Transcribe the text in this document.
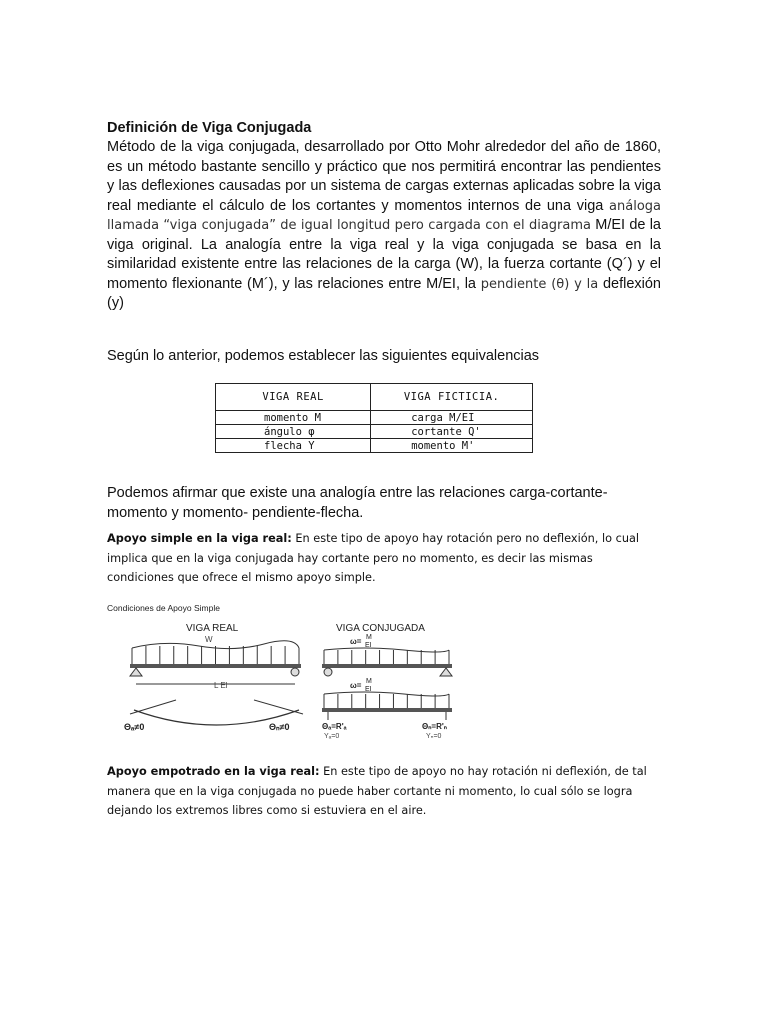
Definición de Viga Conjugada
Método de la viga conjugada, desarrollado por Otto Mohr alrededor del año de 1860, es un método bastante sencillo y práctico que nos permitirá encontrar las pendientes y las deflexiones causadas por un sistema de cargas externas aplicadas sobre la viga real mediante el cálculo de los cortantes y momentos internos de una viga análoga llamada “viga conjugada” de igual longitud pero cargada con el diagrama M/EI de la viga original. La analogía entre la viga real y la viga conjugada se basa en la similaridad existente entre las relaciones de la carga (W), la fuerza cortante (Q´) y el momento flexionante (M´), y las relaciones entre M/EI, la pendiente (θ) y la deflexión (y)
Según lo anterior, podemos establecer las siguientes equivalencias
VIGA REAL	VIGA FICTICIA.
momento M	carga M/EI
ángulo φ	cortante Q'
flecha Y	momento M'
Podemos afirmar que existe una analogía entre las relaciones carga-cortante-momento y momento- pendiente-flecha.
Apoyo simple en la viga real: En este tipo de apoyo hay rotación pero no deflexión, lo cual implica que en la viga conjugada hay cortante pero no momento, es decir las mismas condiciones que ofrece el mismo apoyo simple.
Condiciones de Apoyo Simple
VIGA REAL
W
L El
Θₐ≠0	Θₙ≠0
VIGA CONJUGADA
ω= M
EI
ω= M
EI
Θₐ=R'ₐ
Yₐ=0
Θₙ=R'ₙ
Yₙ=0
Apoyo empotrado en la viga real: En este tipo de apoyo no hay rotación ni deflexión, de tal manera que en la viga conjugada no puede haber cortante ni momento, lo cual sólo se logra dejando los extremos libres como si estuviera en el aire.
